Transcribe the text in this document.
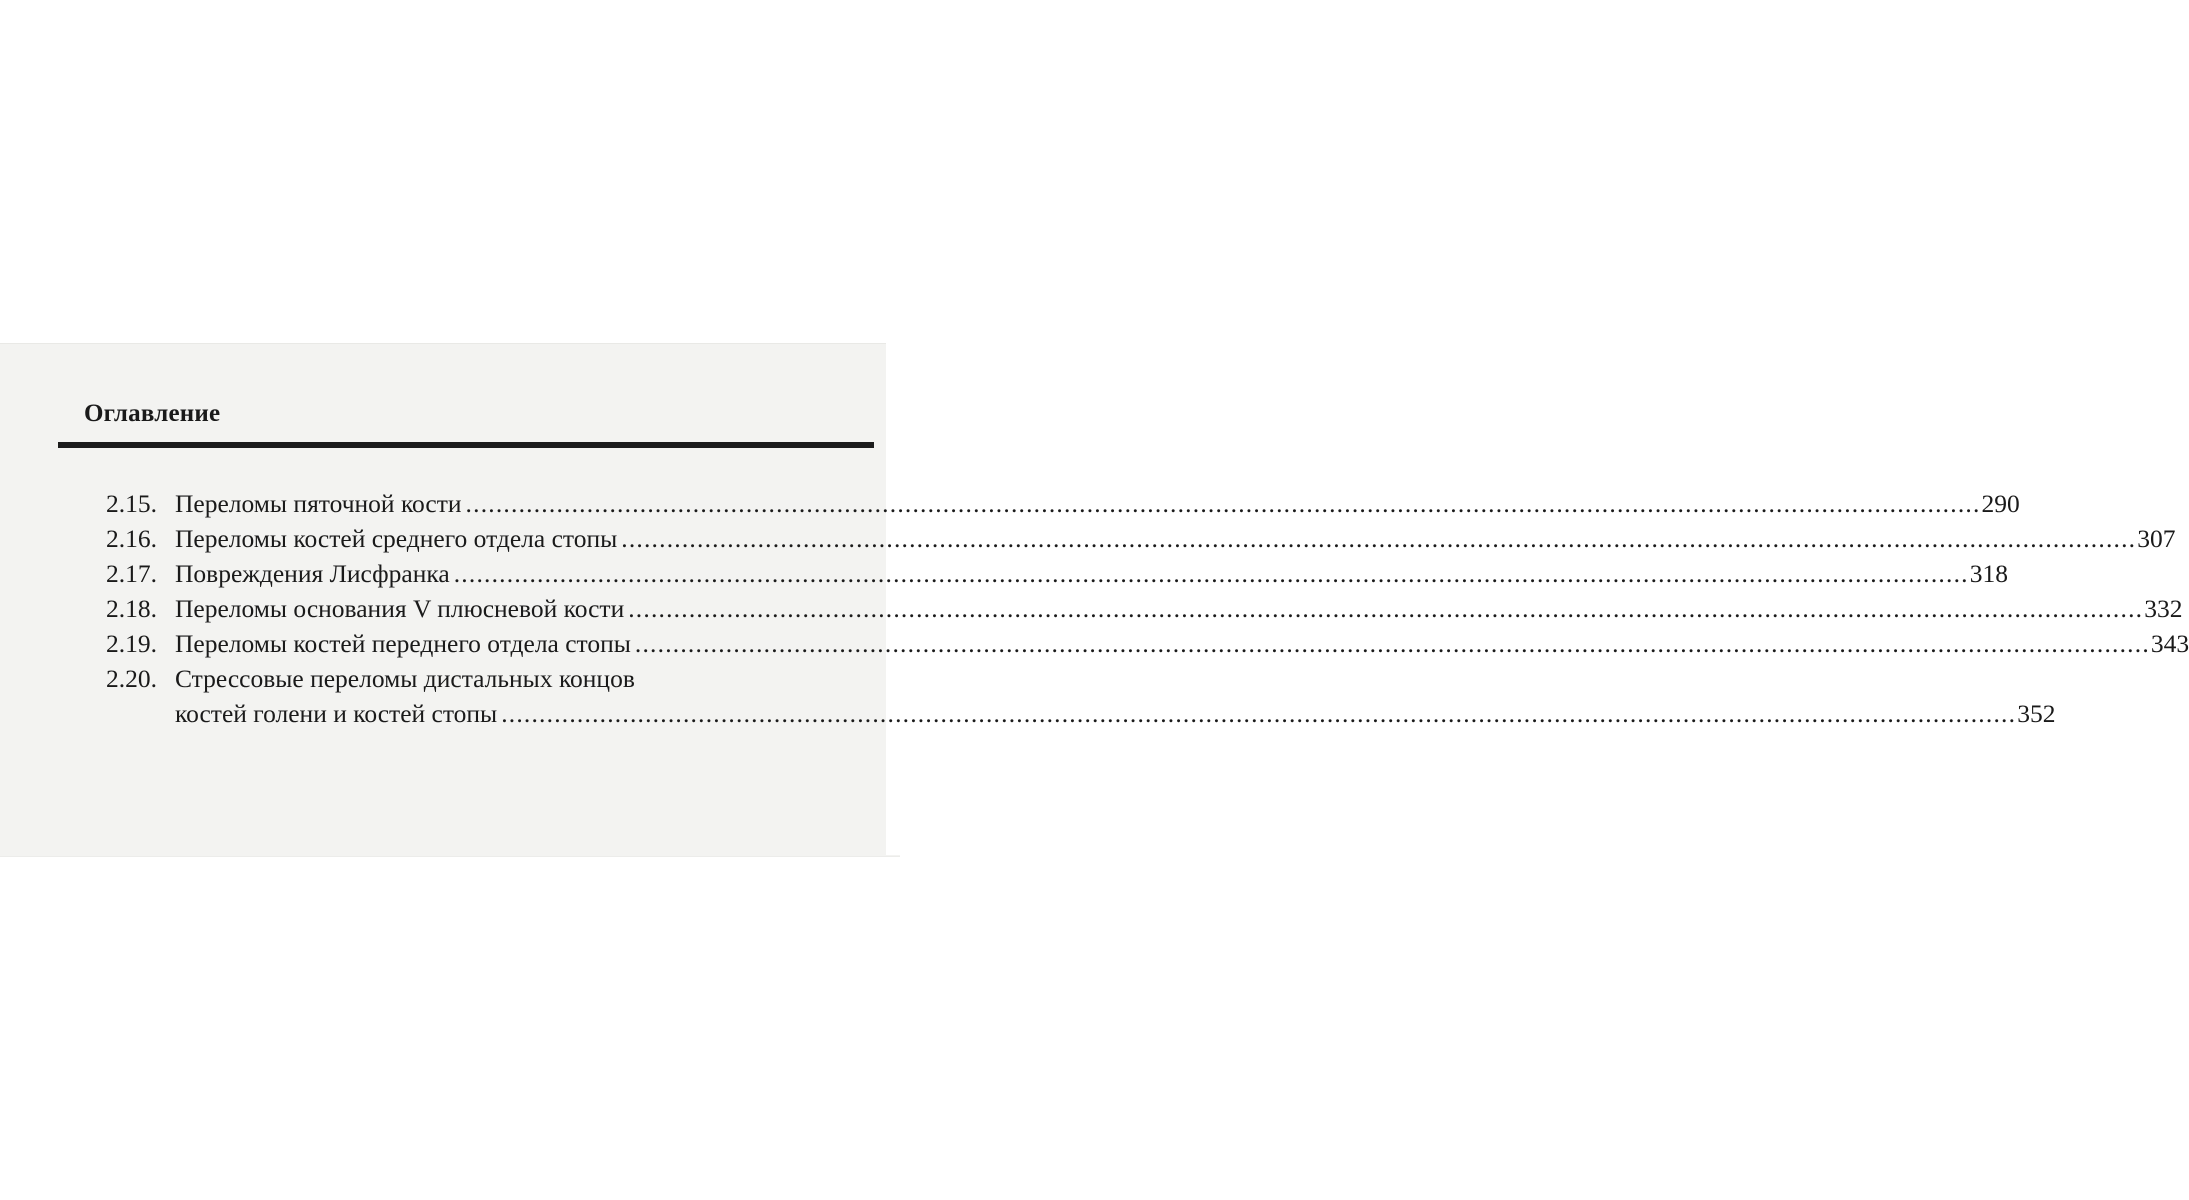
Оглавление
2.15. Переломы пяточной кости ........................................................................................................................................................................................................ 290
2.16. Переломы костей среднего отдела стопы ........................................................................................................................................................................................................ 307
2.17. Повреждения Лисфранка ........................................................................................................................................................................................................ 318
2.18. Переломы основания V плюсневой кости ........................................................................................................................................................................................................ 332
2.19. Переломы костей переднего отдела стопы ........................................................................................................................................................................................................ 343
2.20. Стрессовые переломы дистальных концов
костей голени и костей стопы ........................................................................................................................................................................................................ 352
